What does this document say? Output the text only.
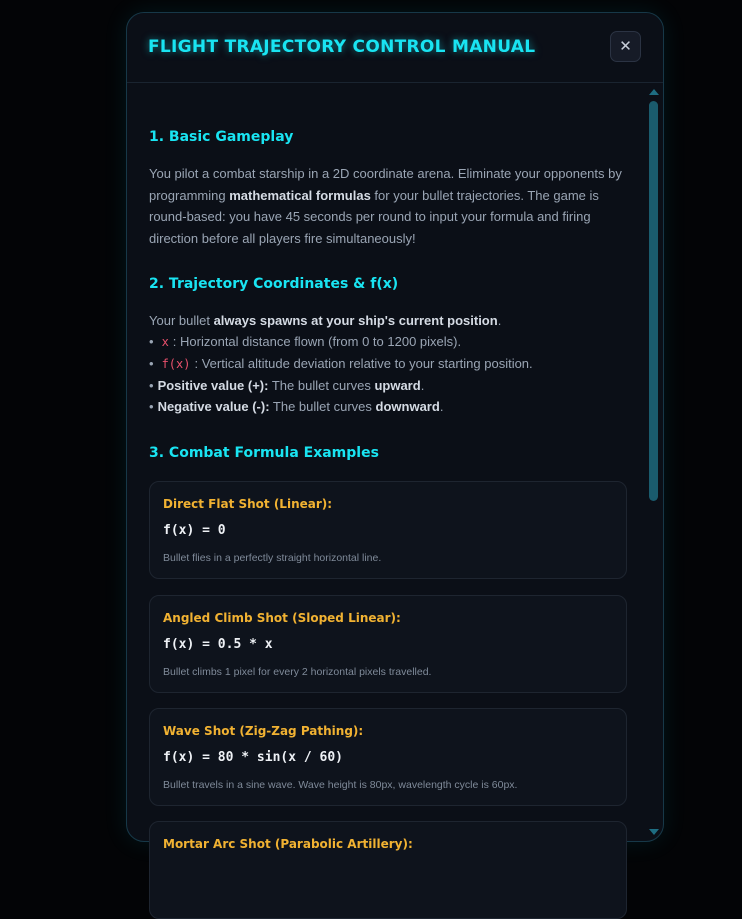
FLIGHT TRAJECTORY CONTROL MANUAL	✕
1. Basic Gameplay

You pilot a combat starship in a 2D coordinate arena. Eliminate your opponents by programming mathematical formulas for your bullet trajectories. The game is round-based: you have 45 seconds per round to input your formula and firing direction before all players fire simultaneously!

2. Trajectory Coordinates & f(x)
Your bullet always spawns at your ship's current position.
• x : Horizontal distance flown (from 0 to 1200 pixels).
• f(x) : Vertical altitude deviation relative to your starting position.
• Positive value (+): The bullet curves upward.
• Negative value (-): The bullet curves downward.
3. Combat Formula Examples
Direct Flat Shot (Linear):
f(x) = 0
Bullet flies in a perfectly straight horizontal line.
Angled Climb Shot (Sloped Linear):
f(x) = 0.5 * x
Bullet climbs 1 pixel for every 2 horizontal pixels travelled.
Wave Shot (Zig-Zag Pathing):
f(x) = 80 * sin(x / 60)
Bullet travels in a sine wave. Wave height is 80px, wavelength cycle is 60px.
Mortar Arc Shot (Parabolic Artillery):
